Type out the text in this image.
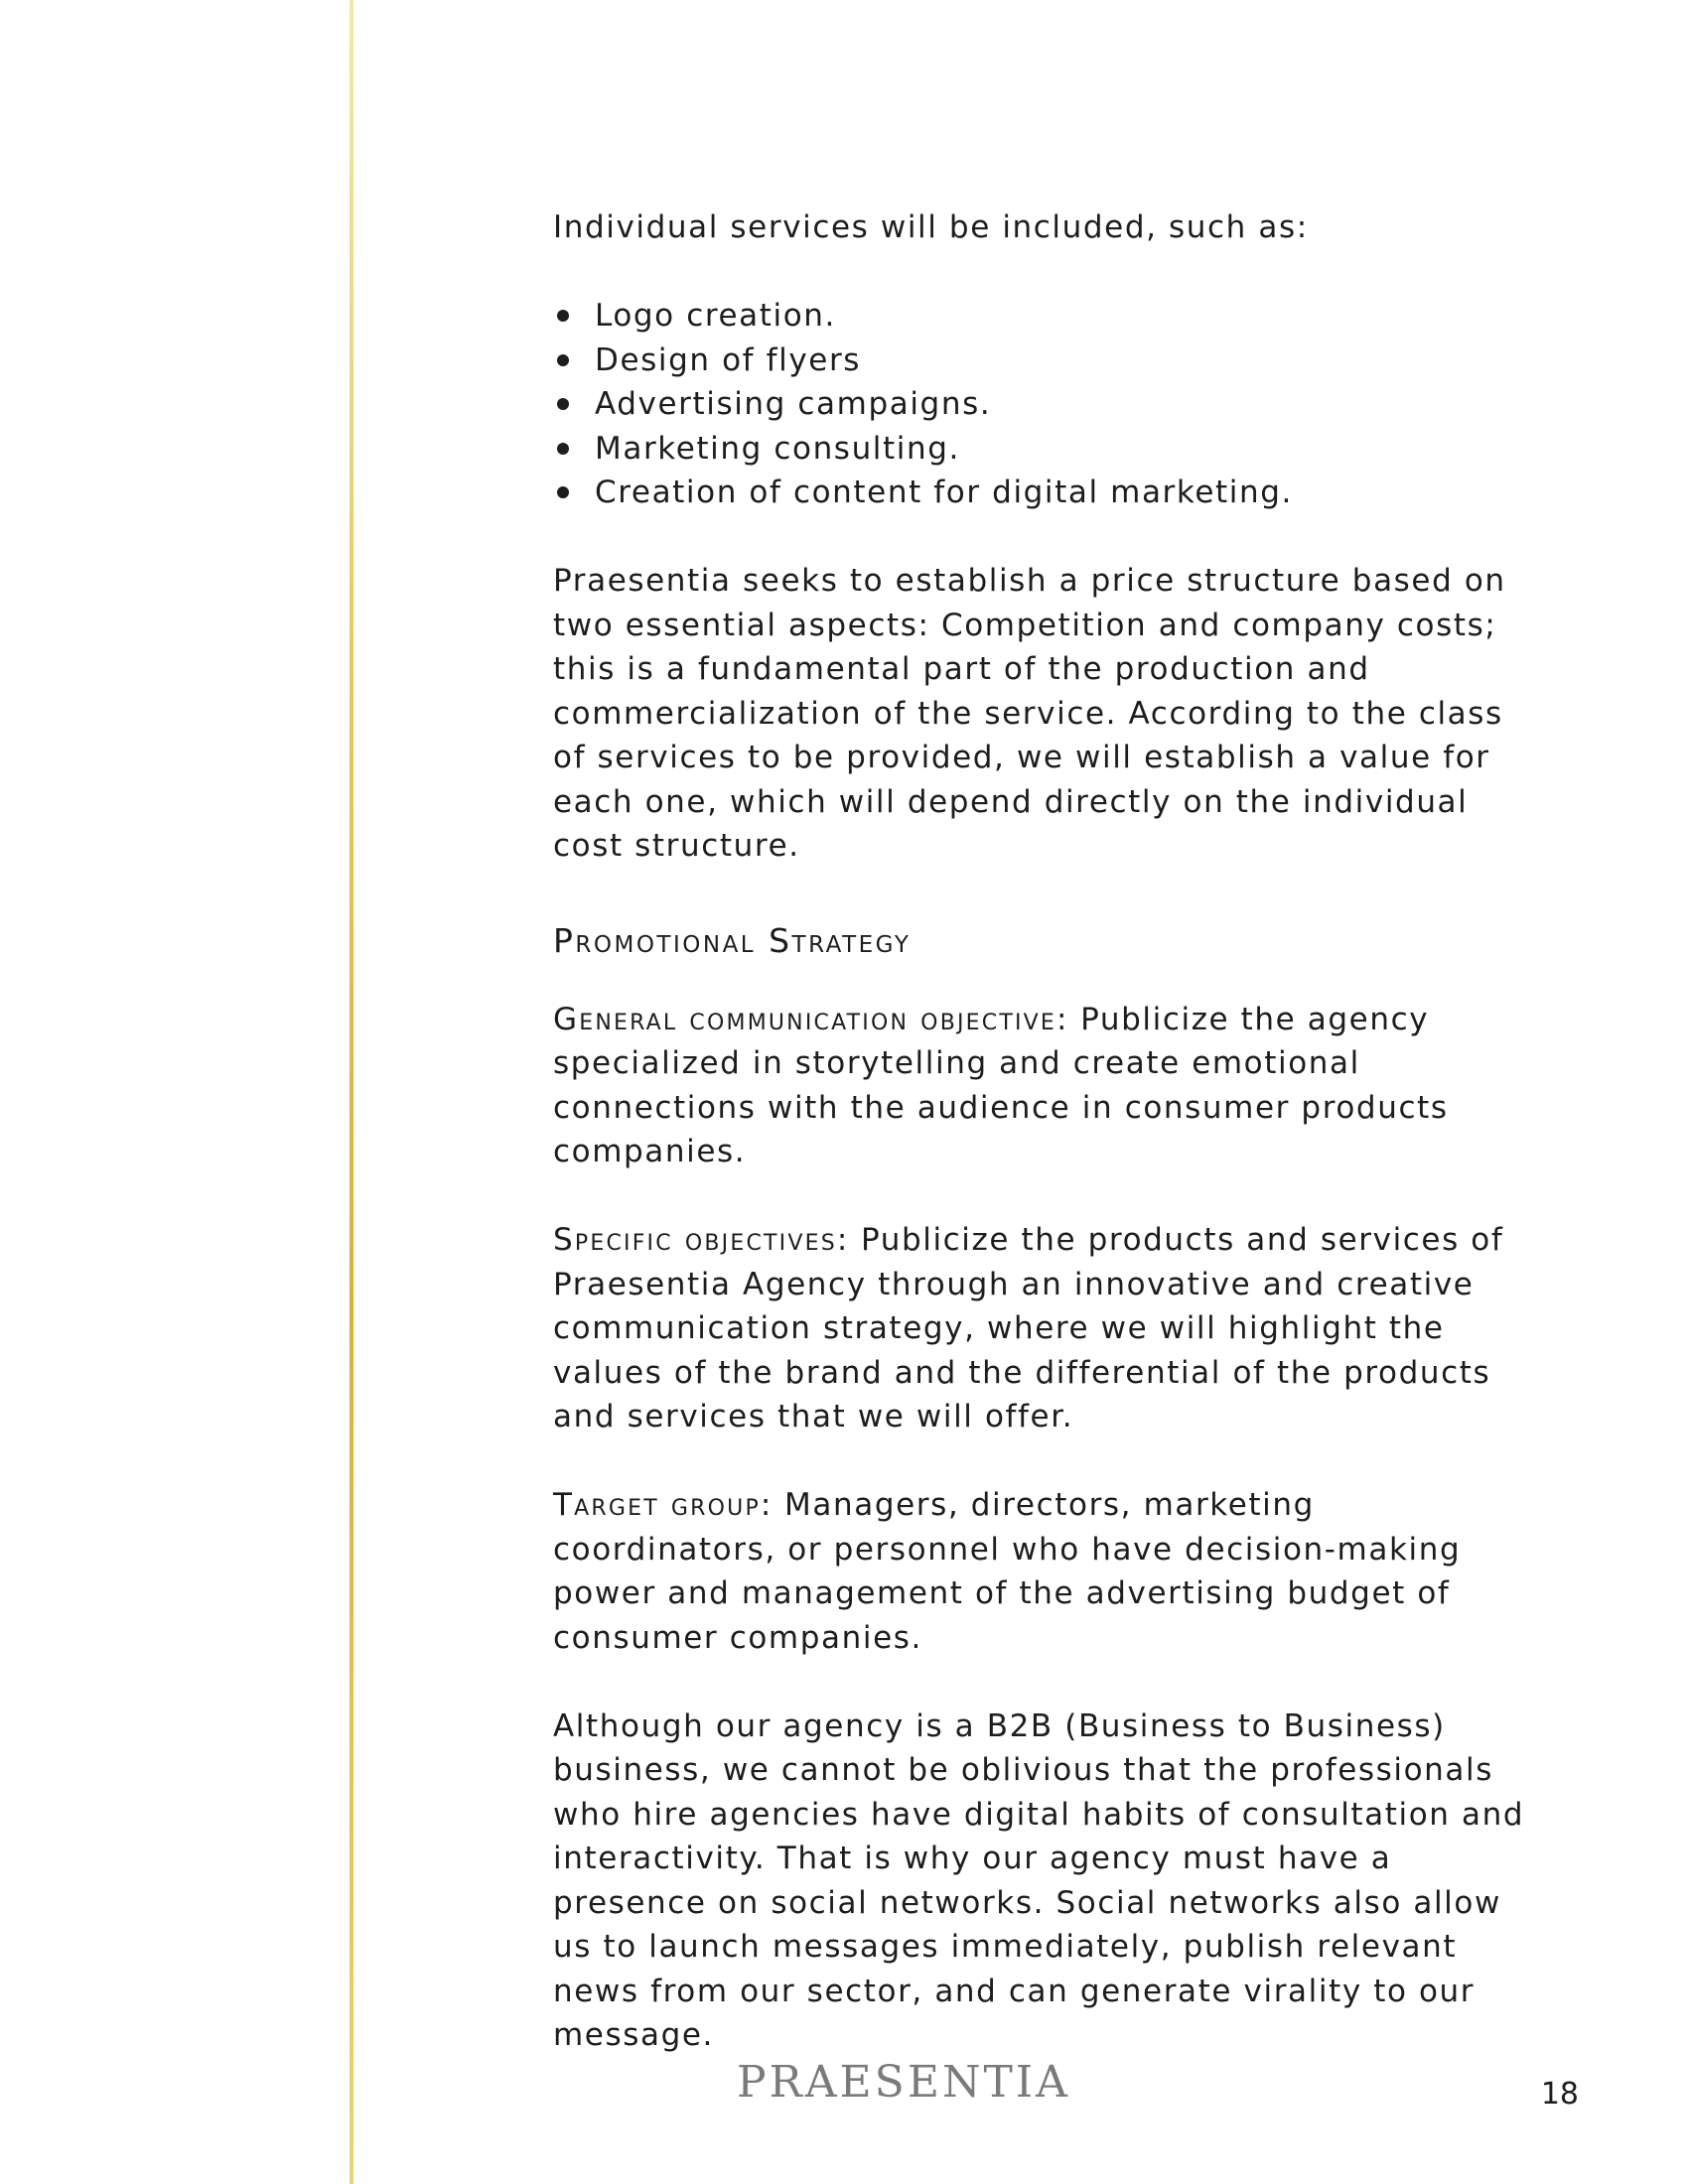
Individual services will be included, such as:

Logo creation.
Design of flyers
Advertising campaigns.
Marketing consulting.
Creation of content for digital marketing.

Praesentia seeks to establish a price structure based on two essential aspects: Competition and company costs; this is a fundamental part of the production and commercialization of the service. According to the class of services to be provided, we will establish a value for each one, which will depend directly on the individual cost structure.

Promotional Strategy

General communication objective: Publicize the agency specialized in storytelling and create emotional connections with the audience in consumer products companies.

Specific objectives: Publicize the products and services of Praesentia Agency through an innovative and creative communication strategy, where we will highlight the values of the brand and the differential of the products and services that we will offer.

Target group: Managers, directors, marketing coordinators, or personnel who have decision-making power and management of the advertising budget of consumer companies.

Although our agency is a B2B (Business to Business) business, we cannot be oblivious that the professionals who hire agencies have digital habits of consultation and interactivity. That is why our agency must have a presence on social networks. Social networks also allow us to launch messages immediately, publish relevant news from our sector, and can generate virality to our message.

PRAESENTIA	18
